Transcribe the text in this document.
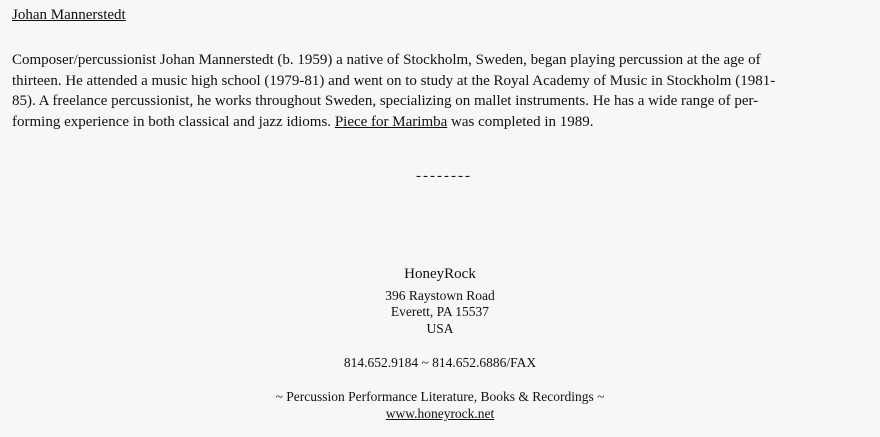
Johan Mannerstedt
Composer/percussionist Johan Mannerstedt (b. 1959) a native of Stockholm, Sweden, began playing percussion at the age of
thirteen. He attended a music high school (1979-81) and went on to study at the Royal Academy of Music in Stockholm (1981-
85). A freelance percussionist, he works throughout Sweden, specializing on mallet instruments. He has a wide range of per-
forming experience in both classical and jazz idioms. Piece for Marimba was completed in 1989.
--------
HoneyRock
396 Raystown Road
Everett, PA 15537
USA
814.652.9184 ~ 814.652.6886/FAX
~ Percussion Performance Literature, Books & Recordings ~
www.honeyrock.net
